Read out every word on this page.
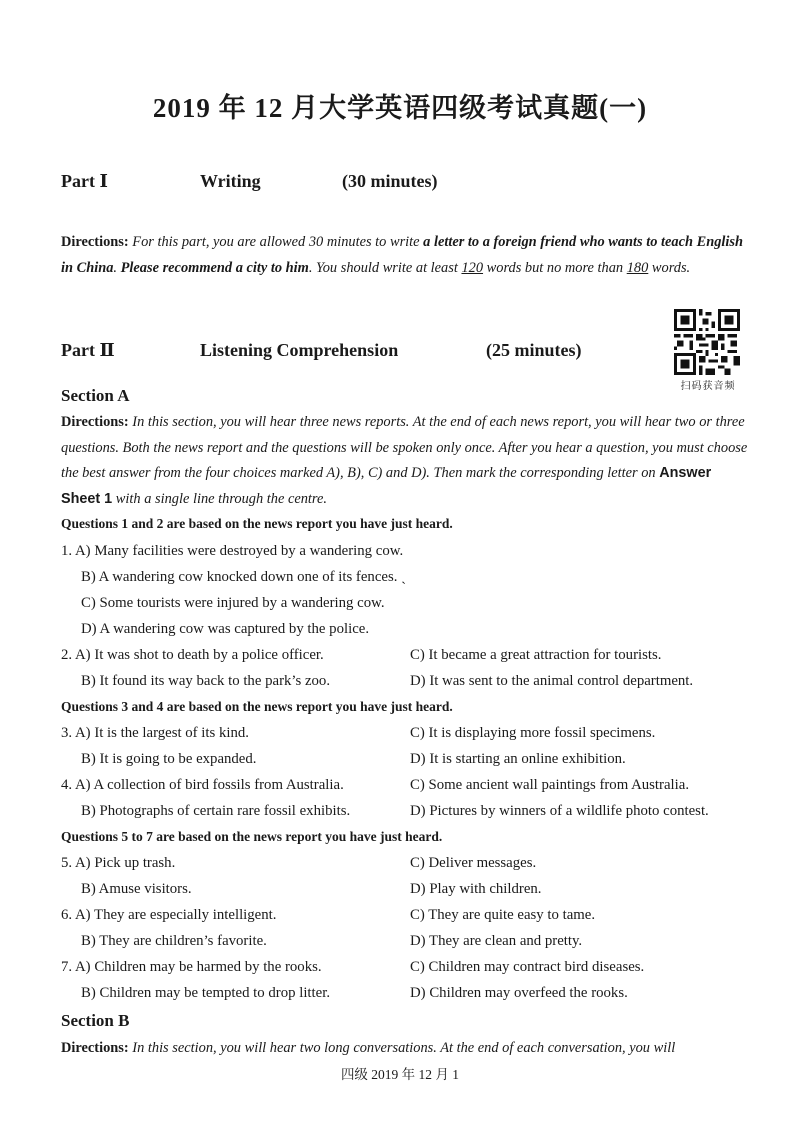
2019 年 12 月大学英语四级考试真题(一)
Part Ⅰ	Writing	(30 minutes)
Directions: For this part, you are allowed 30 minutes to write a letter to a foreign friend who wants to teach English in China. Please recommend a city to him. You should write at least 120 words but no more than 180 words.
Part Ⅱ	Listening Comprehension	(25 minutes)
扫码获音频
Section A
Directions: In this section, you will hear three news reports. At the end of each news report, you will hear two or three questions. Both the news report and the questions will be spoken only once. After you hear a question, you must choose the best answer from the four choices marked A), B), C) and D). Then mark the corresponding letter on Answer Sheet 1 with a single line through the centre.
Questions 1 and 2 are based on the news report you have just heard.
1. A) Many facilities were destroyed by a wandering cow.
B) A wandering cow knocked down one of its fences. ˎ
C) Some tourists were injured by a wandering cow.
D) A wandering cow was captured by the police.
2. A) It was shot to death by a police officer.	C) It became a great attraction for tourists.
B) It found its way back to the park’s zoo.	D) It was sent to the animal control department.
Questions 3 and 4 are based on the news report you have just heard.
3. A) It is the largest of its kind.	C) It is displaying more fossil specimens.
B) It is going to be expanded.	D) It is starting an online exhibition.
4. A) A collection of bird fossils from Australia.	C) Some ancient wall paintings from Australia.
B) Photographs of certain rare fossil exhibits.	D) Pictures by winners of a wildlife photo contest.
Questions 5 to 7 are based on the news report you have just heard.
5. A) Pick up trash.	C) Deliver messages.
B) Amuse visitors.	D) Play with children.
6. A) They are especially intelligent.	C) They are quite easy to tame.
B) They are children’s favorite.	D) They are clean and pretty.
7. A) Children may be harmed by the rooks.	C) Children may contract bird diseases.
B) Children may be tempted to drop litter.	D) Children may overfeed the rooks.
Section B
Directions: In this section, you will hear two long conversations. At the end of each conversation, you will
四级 2019 年 12 月 1
